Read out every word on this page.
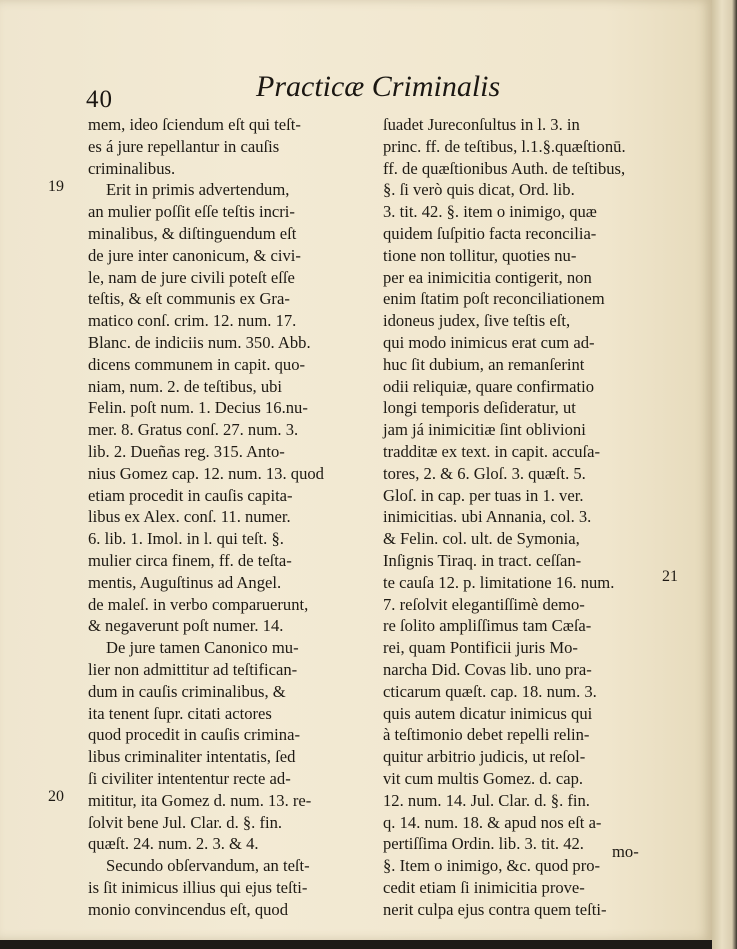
40	Practicæ Criminalis
19
20
21
mem, ideo ſciendum eſt qui teſt-
es á jure repellantur in cauſis
criminalibus.
Erit in primis advertendum,
an mulier poſſit eſſe teſtis incri-
minalibus, & diſtinguendum eſt
de jure inter canonicum, & civi-
le, nam de jure civili poteſt eſſe
teſtis, & eſt communis ex Gra-
matico conſ. crim. 12. num. 17.
Blanc. de indiciis num. 350. Abb.
dicens communem in capit. quo-
niam, num. 2. de teſtibus, ubi
Felin. poſt num. 1. Decius 16.nu-
mer. 8. Gratus conſ. 27. num. 3.
lib. 2. Dueñas reg. 315. Anto-
nius Gomez cap. 12. num. 13. quod
etiam procedit in cauſis capita-
libus ex Alex. conſ. 11. numer.
6. lib. 1. Imol. in l. qui teſt. §.
mulier circa finem, ff. de teſta-
mentis, Auguſtinus ad Angel.
de maleſ. in verbo comparuerunt,
& negaverunt poſt numer. 14.
De jure tamen Canonico mu-
lier non admittitur ad teſtifican-
dum in cauſis criminalibus, &
ita tenent ſupr. citati actores
quod procedit in cauſis crimina-
libus criminaliter intentatis, ſed
ſi civiliter intententur recte ad-
mititur, ita Gomez d. num. 13. re-
ſolvit bene Jul. Clar. d. §. fin.
quæſt. 24. num. 2. 3. & 4.
Secundo obſervandum, an teſt-
is ſit inimicus illius qui ejus teſti-
monio convincendus eſt, quod
ſuadet Jureconſultus in l. 3. in
princ. ff. de teſtibus, l.1.§.quæſtionū.
ff. de quæſtionibus Auth. de teſtibus,
§. ſi verò quis dicat, Ord. lib.
3. tit. 42. §. item o inimigo, quæ
quidem ſuſpitio facta reconcilia-
tione non tollitur, quoties nu-
per ea inimicitia contigerit, non
enim ſtatim poſt reconciliationem
idoneus judex, ſive teſtis eſt,
qui modo inimicus erat cum ad-
huc ſit dubium, an remanſerint
odii reliquiæ, quare confirmatio
longi temporis deſideratur, ut
jam já inimicitiæ ſint oblivioni
tradditæ ex text. in capit. accuſa-
tores, 2. & 6. Gloſ. 3. quæſt. 5.
Gloſ. in cap. per tuas in 1. ver.
inimicitias. ubi Annania, col. 3.
& Felin. col. ult. de Symonia,
Inſignis Tiraq. in tract. ceſſan-
te cauſa 12. p. limitatione 16. num.
7. reſolvit elegantiſſimè demo-
re ſolito ampliſſimus tam Cæſa-
rei, quam Pontificii juris Mo-
narcha Did. Covas lib. uno pra-
cticarum quæſt. cap. 18. num. 3.
quis autem dicatur inimicus qui
à teſtimonio debet repelli relin-
quitur arbitrio judicis, ut reſol-
vit cum multis Gomez. d. cap.
12. num. 14. Jul. Clar. d. §. fin.
q. 14. num. 18. & apud nos eſt a-
pertiſſima Ordin. lib. 3. tit. 42.
§. Item o inimigo, &c. quod pro-
cedit etiam ſi inimicitia prove-
nerit culpa ejus contra quem teſti-
mo-
